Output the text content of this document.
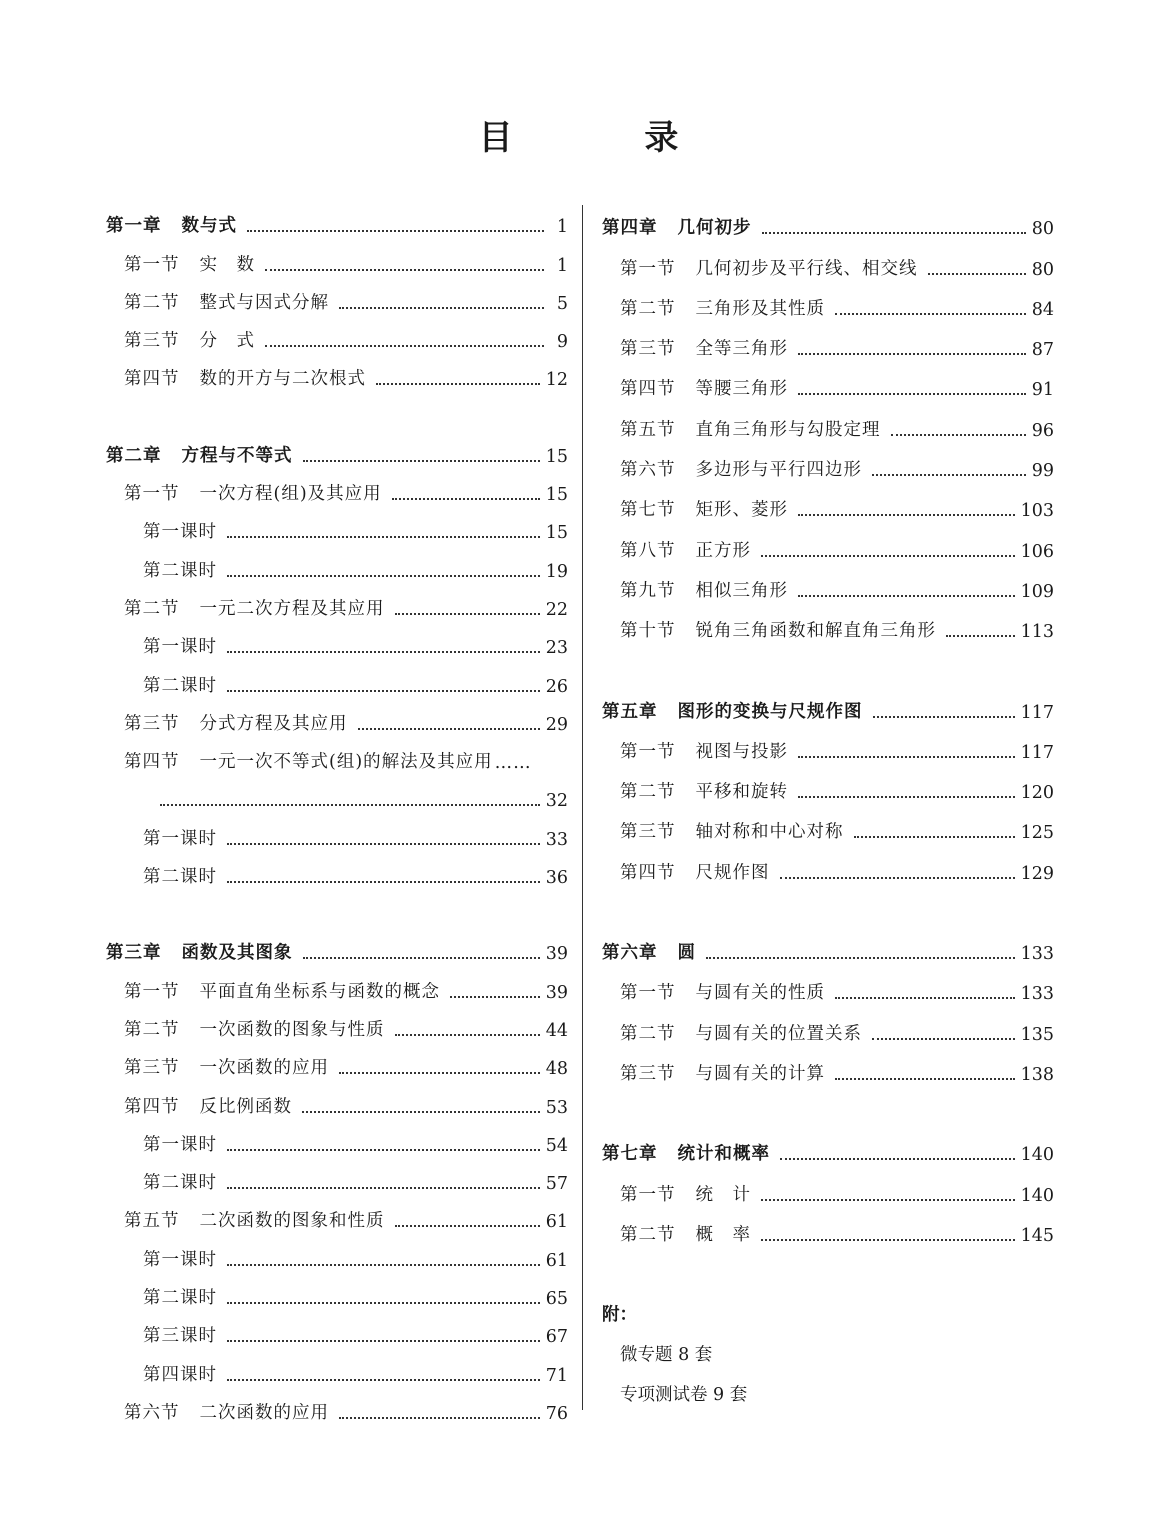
目 录
第一章 数与式	1
第一节 实　数	1
第二节 整式与因式分解	5
第三节 分　式	9
第四节 数的开方与二次根式	12
第二章 方程与不等式	15
第一节 一次方程(组)及其应用	15
第一课时	15
第二课时	19
第二节 一元二次方程及其应用	22
第一课时	23
第二课时	26
第三节 分式方程及其应用	29
第四节 一元一次不等式(组)的解法及其应用 ……
32
第一课时	33
第二课时	36
第三章 函数及其图象	39
第一节 平面直角坐标系与函数的概念	39
第二节 一次函数的图象与性质	44
第三节 一次函数的应用	48
第四节 反比例函数	53
第一课时	54
第二课时	57
第五节 二次函数的图象和性质	61
第一课时	61
第二课时	65
第三课时	67
第四课时	71
第六节 二次函数的应用	76
第四章 几何初步	80
第一节 几何初步及平行线、相交线	80
第二节 三角形及其性质	84
第三节 全等三角形	87
第四节 等腰三角形	91
第五节 直角三角形与勾股定理	96
第六节 多边形与平行四边形	99
第七节 矩形、菱形	103
第八节 正方形	106
第九节 相似三角形	109
第十节 锐角三角函数和解直角三角形	113
第五章 图形的变换与尺规作图	117
第一节 视图与投影	117
第二节 平移和旋转	120
第三节 轴对称和中心对称	125
第四节 尺规作图	129
第六章 圆	133
第一节 与圆有关的性质	133
第二节 与圆有关的位置关系	135
第三节 与圆有关的计算	138
第七章 统计和概率	140
第一节 统　计	140
第二节 概　率	145
附：
微专题 8 套
专项测试卷 9 套
